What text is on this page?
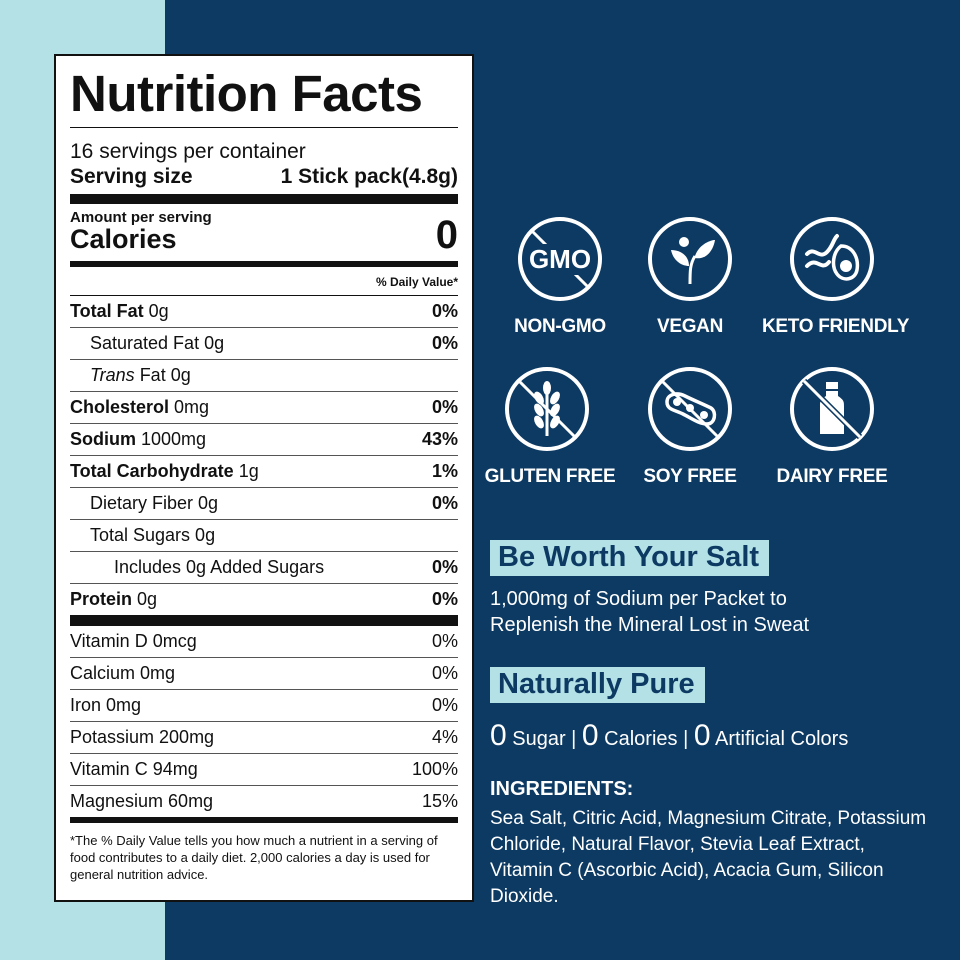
Nutrition Facts
16 servings per container
Serving size	1 Stick pack(4.8g)
Amount per serving
Calories	0
% Daily Value*
Total Fat 0g	0%
Saturated Fat 0g	0%
Trans Fat 0g
Cholesterol 0mg	0%
Sodium 1000mg	43%
Total Carbohydrate 1g	1%
Dietary Fiber 0g	0%
Total Sugars 0g
Includes 0g Added Sugars	0%
Protein 0g	0%
Vitamin D 0mcg	0%
Calcium 0mg	0%
Iron 0mg	0%
Potassium 200mg	4%
Vitamin C 94mg	100%
Magnesium 60mg	15%
*The % Daily Value tells you how much a nutrient in a serving of food contributes to a daily diet. 2,000 calories a day is used for general nutrition advice.
GMO
NON-GMO	VEGAN	KETO FRIENDLY
GLUTEN FREE	SOY FREE	DAIRY FREE
Be Worth Your Salt
1,000mg of Sodium per Packet to
Replenish the Mineral Lost in Sweat
Naturally Pure
0 Sugar | 0 Calories | 0 Artificial Colors
INGREDIENTS:
Sea Salt, Citric Acid, Magnesium Citrate, Potassium Chloride, Natural Flavor, Stevia Leaf Extract, Vitamin C (Ascorbic Acid), Acacia Gum, Silicon Dioxide.
